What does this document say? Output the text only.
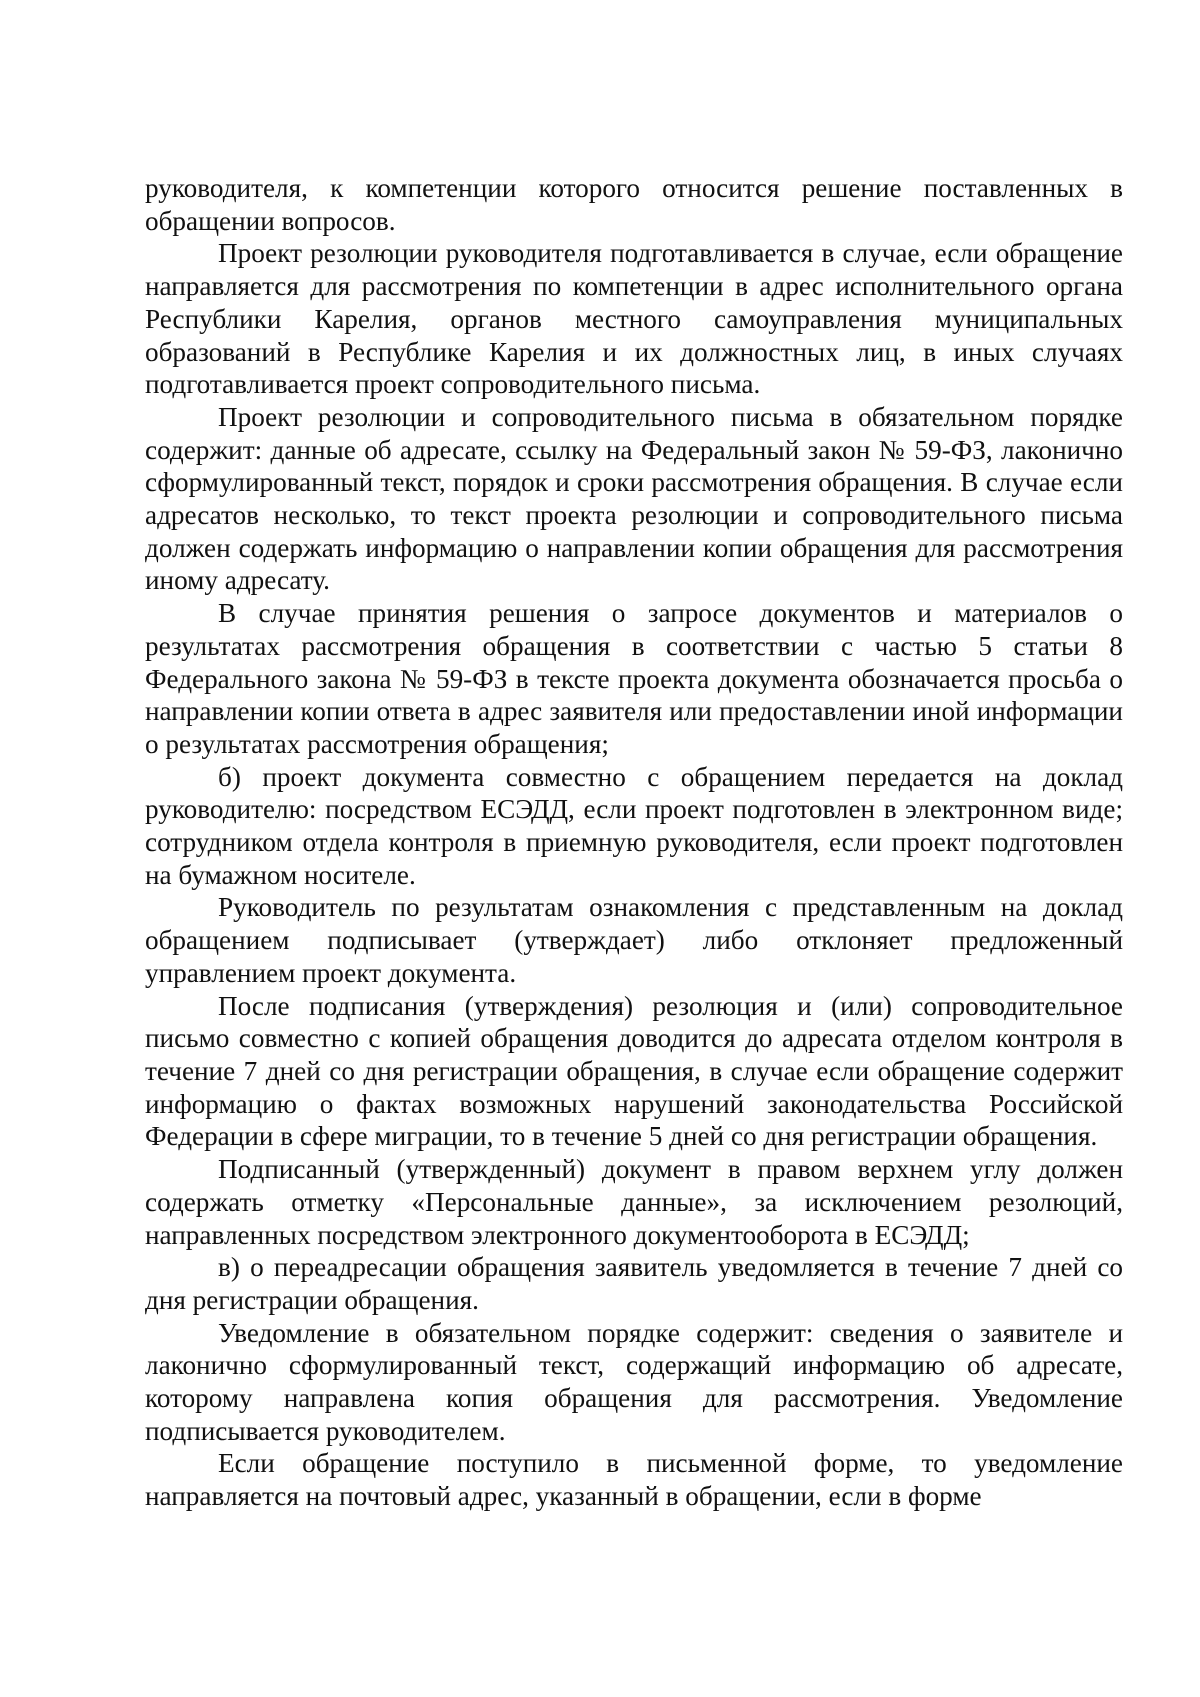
руководителя, к компетенции которого относится решение поставленных в обращении вопросов.

Проект резолюции руководителя подготавливается в случае, если обращение направляется для рассмотрения по компетенции в адрес исполнительного органа Республики Карелия, органов местного самоуправления муниципальных образований в Республике Карелия и их должностных лиц, в иных случаях подготавливается проект сопроводительного письма.

Проект резолюции и сопроводительного письма в обязательном порядке содержит: данные об адресате, ссылку на Федеральный закон № 59-ФЗ, лаконично сформулированный текст, порядок и сроки рассмотрения обращения. В случае если адресатов несколько, то текст проекта резолюции и сопроводительного письма должен содержать информацию о направлении копии обращения для рассмотрения иному адресату.

В случае принятия решения о запросе документов и материалов о результатах рассмотрения обращения в соответствии с частью 5 статьи 8 Федерального закона № 59-ФЗ в тексте проекта документа обозначается просьба о направлении копии ответа в адрес заявителя или предоставлении иной информации о результатах рассмотрения обращения;

б) проект документа совместно с обращением передается на доклад руководителю: посредством ЕСЭДД, если проект подготовлен в электронном виде; сотрудником отдела контроля в приемную руководителя, если проект подготовлен на бумажном носителе.

Руководитель по результатам ознакомления с представленным на доклад обращением подписывает (утверждает) либо отклоняет предложенный управлением проект документа.

После подписания (утверждения) резолюция и (или) сопроводительное письмо совместно с копией обращения доводится до адресата отделом контроля в течение 7 дней со дня регистрации обращения, в случае если обращение содержит информацию о фактах возможных нарушений законодательства Российской Федерации в сфере миграции, то в течение 5 дней со дня регистрации обращения.

Подписанный (утвержденный) документ в правом верхнем углу должен содержать отметку «Персональные данные», за исключением резолюций, направленных посредством электронного документооборота в ЕСЭДД;

в) о переадресации обращения заявитель уведомляется в течение 7 дней со дня регистрации обращения.

Уведомление в обязательном порядке содержит: сведения о заявителе и лаконично сформулированный текст, содержащий информацию об адресате, которому направлена копия обращения для рассмотрения. Уведомление подписывается руководителем.

Если обращение поступило в письменной форме, то уведомление направляется на почтовый адрес, указанный в обращении, если в форме
